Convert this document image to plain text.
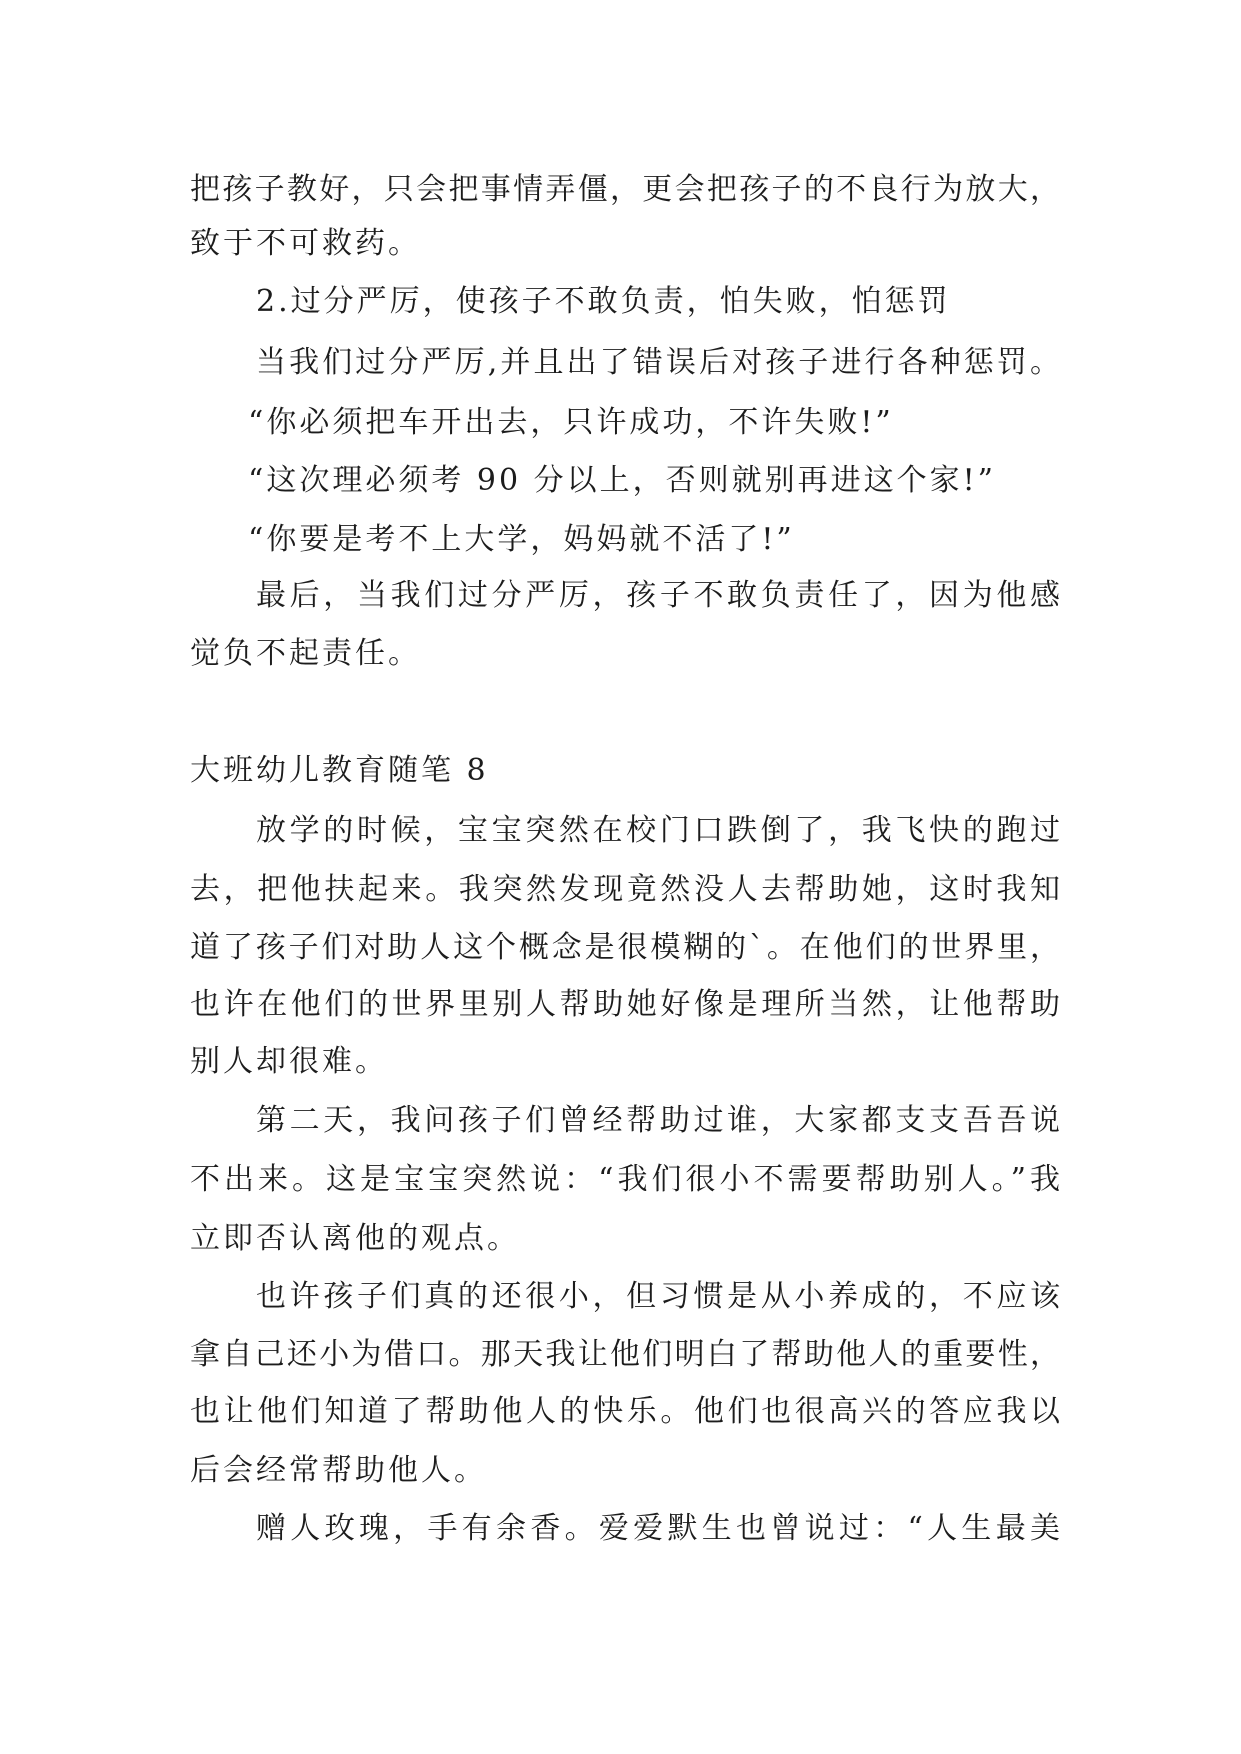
把孩子教好，只会把事情弄僵，更会把孩子的不良行为放大，
致于不可救药。
2.过分严厉，使孩子不敢负责，怕失败，怕惩罚
当我们过分严厉,并且出了错误后对孩子进行各种惩罚。
“你必须把车开出去，只许成功，不许失败!”
“这次理必须考 90 分以上，否则就别再进这个家!”
“你要是考不上大学，妈妈就不活了!”
最后，当我们过分严厉，孩子不敢负责任了，因为他感
觉负不起责任。
大班幼儿教育随笔 8
放学的时候，宝宝突然在校门口跌倒了，我飞快的跑过
去，把他扶起来。我突然发现竟然没人去帮助她，这时我知
道了孩子们对助人这个概念是很模糊的`。在他们的世界里，
也许在他们的世界里别人帮助她好像是理所当然，让他帮助
别人却很难。
第二天，我问孩子们曾经帮助过谁，大家都支支吾吾说
不出来。这是宝宝突然说：“我们很小不需要帮助别人。”我
立即否认离他的观点。
也许孩子们真的还很小，但习惯是从小养成的，不应该
拿自己还小为借口。那天我让他们明白了帮助他人的重要性，
也让他们知道了帮助他人的快乐。他们也很高兴的答应我以
后会经常帮助他人。
赠人玫瑰，手有余香。爱爱默生也曾说过：“人生最美
